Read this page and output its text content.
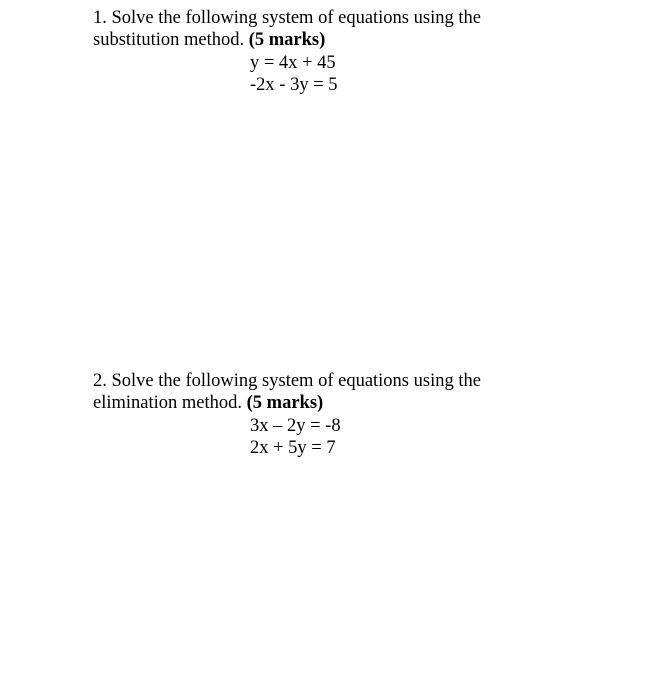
1. Solve the following system of equations using the
substitution method. (5 marks)
y = 4x + 45
-2x - 3y = 5
2. Solve the following system of equations using the
elimination method. (5 marks)
3x – 2y = -8
2x + 5y = 7
